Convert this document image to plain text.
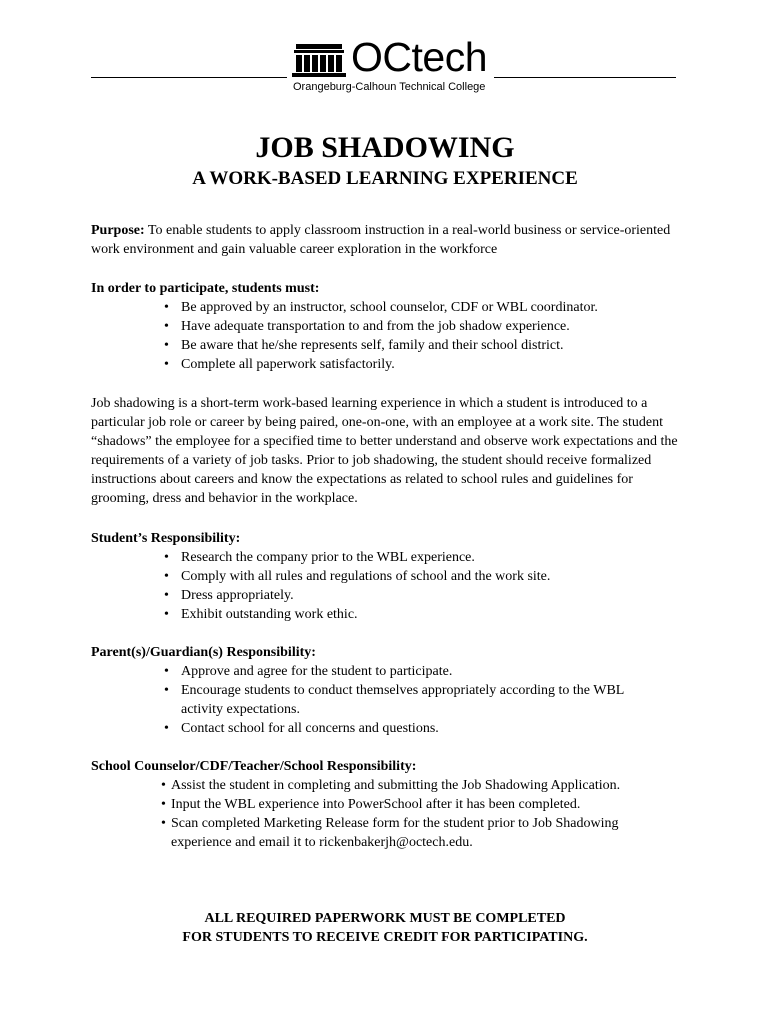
OCtech
Orangeburg-Calhoun Technical College
JOB SHADOWING
A WORK-BASED LEARNING EXPERIENCE
Purpose: To enable students to apply classroom instruction in a real-world business or service-oriented work environment and gain valuable career exploration in the workforce
In order to participate, students must:
• Be approved by an instructor, school counselor, CDF or WBL coordinator.
• Have adequate transportation to and from the job shadow experience.
• Be aware that he/she represents self, family and their school district.
• Complete all paperwork satisfactorily.
Job shadowing is a short-term work-based learning experience in which a student is introduced to a particular job role or career by being paired, one-on-one, with an employee at a work site. The student “shadows” the employee for a specified time to better understand and observe work expectations and the requirements of a variety of job tasks. Prior to job shadowing, the student should receive formalized instructions about careers and know the expectations as related to school rules and guidelines for grooming, dress and behavior in the workplace.
Student’s Responsibility:
• Research the company prior to the WBL experience.
• Comply with all rules and regulations of school and the work site.
• Dress appropriately.
• Exhibit outstanding work ethic.
Parent(s)/Guardian(s) Responsibility:
• Approve and agree for the student to participate.
• Encourage students to conduct themselves appropriately according to the WBL activity expectations.
• Contact school for all concerns and questions.
School Counselor/CDF/Teacher/School Responsibility:
• Assist the student in completing and submitting the Job Shadowing Application.
• Input the WBL experience into PowerSchool after it has been completed.
• Scan completed Marketing Release form for the student prior to Job Shadowing experience and email it to rickenbakerjh@octech.edu.
ALL REQUIRED PAPERWORK MUST BE COMPLETED
FOR STUDENTS TO RECEIVE CREDIT FOR PARTICIPATING.
